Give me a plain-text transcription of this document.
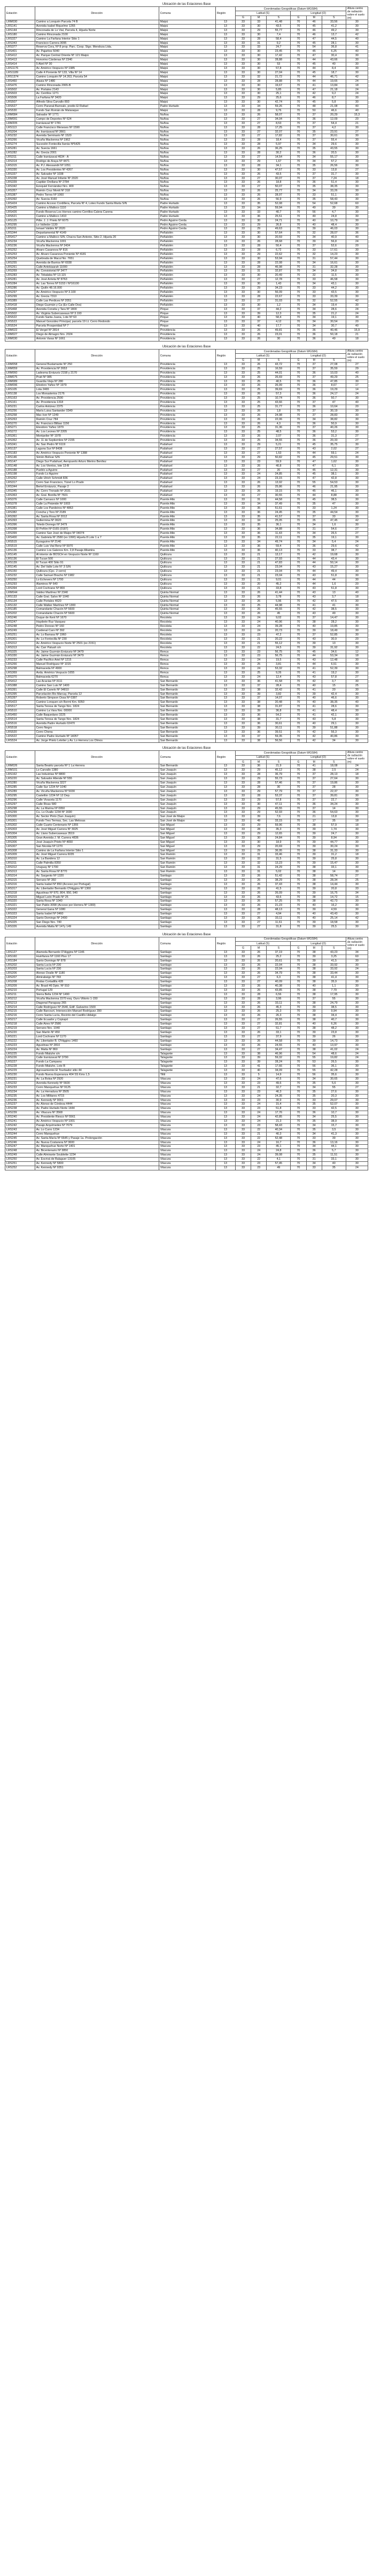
Ubicación de las Estaciones Base
Estación	Dirección	Comuna	Región	Coordenadas Geográficas (Datum WGS84)						Altura centro de radiación sobre el suelo (m)
				Latitud (S)			Longitud (O)			
				G	M	S	G	M	S	
LRM030	Camino a Lonquén Parcela 74 B	Maipú	13	33	33	41,48	70	46	33,56	30
LRS141	Avenida Isabel Riquelme 1265	Maipú	13	33	30	43,5	70	45	41,2	30
LRS144	Rinconada de Lo Vial, Parcela 4, Hijuela Norte	Maipú	13	33	29	55,77	70	46	49,2	30
LRS180	Camino Rinconada 2100	Maipú	13	33	30	7,4	70	46	13,7	42
LRS327	Camino La Farfana Interior Sitio 1	Maipú	13	33	28	58,4	70	47	44,5	40
LRS343	Francisco Carrera 3095	Maipú	13	33	31	9,2	70	45	28,1	30
LRS377	Reserva Cora, Nº 8 prop. Parc. Coop. Stgo. Mendoza Ltda.	Maipú	13	33	33	24,7	70	54	36,8	41
LRS401	Av. Pajaritos 5040	Maipú	13	33	30	23,45	70	45	6,25	40
LRS412	Av. Parque Central Oriente Nº 121 Maipú	Maipú	13	33	30	17,42	70	47	30,4	30
LRS413	Honorino Cárdenas Nº 2340	Maipú	13	33	30	28,88	70	44	43,66	30
LRS414	5 Abril Nº 30	Maipú	13	33	30	53	70	45	40	30
LRS1176	Av. Américo Vespucio Nº 1985	Maipú	13	33	30	57,8	70	44	8,4	30
LRS1189	Calle 4 Poniente Nº 133, Villa Nº 14	Maipú	13	33	30	27,04	70	45	18,7	30
LRS1374	Camino Lonquén Nº 14.263, Parcela 54	Maipú	13	33	32	21,72	70	44	46,71	42
LRS460	Alasia Nº 1480	Maipú	13	33	28	28,88	70	44	19,65	24
LRS476	Camino Rinconada 2065-B	Maipú	13	33	30	19,67	70	41	13,84	18
LRS502	Av. Portales 2143	Maipú	13	33	30	5,85	70	47	21,18	24
LRS503	Av. Cerrillos 1271	Maipú	13	33	30	25,1	70	42	9,2	24
LRS506	La Farfana Nº 3420	Maipú	13	33	29	25,6	70	46	8,7	30
LRS507	Alfredo Silva Carvallo 893	Maipú	13	33	30	42,74	70	45	5,8	30
LRS527	Cerro Paranal-Barrealo, predio El Rafael	Padre Hurtado	13	33	34	59,26	70	48	21,08	40
LRS530	Fundo San Román de Malaraque	Maipú	13	33	28	9,76	70	50	46,6	40
LRM084	Salvador Nº 1771	Ñuñoa	13	33	26	58,07	70	37	20,29	15,3
LRM091	Campo de Deportes Nº 624	Ñuñoa	13	33	27	34,04	70	36	12,09	20
LRM205	Irarrázaval Nº 1781	Ñuñoa	13	33	27	8,53	70	37	54,4	21
LRS113	Calle Francisco Meneses Nº 1590	Ñuñoa	13	33	28	17,25	70	37	4,2	30
LRS204	Av. Irarrázaval Nº 3661	Ñuñoa	13	33	27	32,07	70	35	23,91	27
LRS232	Avenida Seminario Nº 1520	Ñuñoa	13	33	27	17,82	70	37	30,61	30
LRS266	Vicuña Mackenna Nº 1962	Ñuñoa	13	33	28	18,4	70	37	55,4	30
LRS274	Sucesión Fontecilla Ilarrás Nº5425	Ñuñoa	13	33	28	5,97	70	34	29,6	30
LRS281	Av. Suecia 1661	Ñuñoa	13	33	26	36,25	70	35	43,55	30
LRS282	Av. Grecia 2001	Ñuñoa	13	33	28	30,2	70	36	20,5	30
LRS311	Calle Irarrázaval 4634 - A	Ñuñoa	13	33	27	14,54	70	34	55,17	30
LRS314	Rodrigo de Araya Nº 4471	Ñuñoa	13	33	29	1,67	70	34	57,2	30
LRS315	Av. P.J. Alessandri Nº 1051	Ñuñoa	13	33	28	34,1	70	35	26,56	30
LRS330	Av. Los Presidentes Nº 4267	Ñuñoa	13	33	30	47,57	70	33	13,8	27
LRS337	Av. Salvador Nº 1038	Ñuñoa	13	33	26	43,5	70	37	31,7	30
LRS338	Av. José Manuel Infante Nº 2020	Ñuñoa	13	33	27	30,07	70	37	7,24	18
LRS339	Capitán Orellana Nº 2784	Ñuñoa	13	33	26	18,8	70	36	51,4	30
LRS342	Ezequiel Fernández Nro. 400	Ñuñoa	13	33	27	50,07	70	35	38,35	30
LRS357	Ramón Cruz Montt Nº 318	Ñuñoa	13	33	26	25,77	70	34	33,26	30
LRS387	Pedro Torres Nº 1060	Ñuñoa	13	33	26	28,97	70	33	51,1	30
LRS392	Av. Suecia 3160	Ñuñoa	13	33	26	56,9	70	35	58,43	30
LRS424	Camino Acceso Cordillera, Parcela Nº 4, Loteo Fundo Santa Marta S/N	Padre Hurtado	13	33	35	52,08	70	54	52,68	60
LRS425	Camino a Malloco 1110	Padre Hurtado	13	33	34	59,94	70	49	39	30
LRS426	Fundo Reserva Los Hornos camino Cerrillos-Calera Carena	Padre Hurtado	13	33	33	40,7	70	56	4,7	30
LRS521	Camino a Malloco 1410	Padre Hurtado	13	33	36	25,51	70	49	24,8	30
LRS125	Pdte. J. J. Prieto Nº 6075	Pedro Aguirre Cerda	13	33	30	24,71	70	40	10,79	30
LRS295	Lo Valledor 1130	Pedro Aguirre Cerda	13	33	29	26,8	70	40	48,4	30
LRS311	Ismael Valdés Nº 2020	Pedro Aguirre Cerda	13	33	29	49,63	70	39	46,03	30
LRS344	Departamental Nº 4149	Peñalolén	13	33	30	57,64	70	32	28,07	36
LRS417	Camino a Malloco S/N, Chacra San Antonio, Sitio 2, Hijuela 20	Peñalolén	13	33	30	20,59	70	34	40,9	40
LRS234	Vicuña Mackenna 1001	Peñalolén	13	33	26	28,68	70	39	56,8	24
LRS236	Vicuña Mackenna Nº 3434	Peñalolén	13	33	28	50,4	70	37	52,6	20
LRS252	Álvaro Casanova Nº 816	Peñalolén	13	33	28	6,72	70	33	17,61	30
LRS253	Av. Álvaro Casanova Poniente Nº 4181	Peñalolén	13	33	29	22,62	70	32	14,23	30
LRS254	Quebrada de Macul No. 7651	Peñalolén	13	33	30	53,94	70	31	57,44	30
LRS255	Avenida de Barrios Nº 6938	Peñalolén	13	33	28	22,08	70	34	16,61	30
LRS261	Calle Antokiaarah 11000	Peñalolén	13	33	28	46,98	70	31	32,28	30
LRS269	Av. Consistorial Nº 3477	Peñalolén	13	33	31	32,87	70	34	34,8	30
LRS283	Av. Tobalaba Nº 13.115	Peñalolén	13	33	30	20,49	70	32	11,5	30
LRS281	Av. José Arrieta Nº 8763	Peñalolén	13	33	27	12,78	70	33	46,58	30
LRS284	Av. Las Torres Nº 5153 / Nº16100	Peñalolén	13	33	30	1,43	70	34	43,1	30
LRS286	Av. Quilín 48.16.000	Peñalolén	13	33	29	34,23	70	33	44,2	30
LRS297	Av. Américo Vespucio Nº 3.100	Peñalolén	13	33	30	56,09	70	33	43,5	30
LRS299	Av. Grecia 7310	Peñalolén	13	33	28	22,67	70	33	33,39	30
LRS389	Calle Las Perdices Nº 2051	Peñalolén	13	33	27	31,03	70	32	52,55	42
LRS418	Diego Guzmán y Ca (Ex Calle Dos)	Peñalolén	13	33	30	1,2	70	34	19,4	30
LRS468	Avenida Consita y Tara Nº 1800	Pirque	13	33	37	44,2	70	34	28,6	24
LRS502	Av. Virginia Subercaseaux Nº 3.193	Pirque	13	33	39	12,3	70	35	21,2	24
LRS522	Fundo Santa Juana, Lote Nº 63	Pirque	13	33	40	58,4	70	34	19,1	30
LRS523	Manuel González Principal, parcela 19 Lt. Cerro Redondo	Pirque	13	33	37	4,12	70	34	30,54	20
LRS524	Parcela Prosperidad Nº 7	Pirque	13	33	40	17,7	70	34	30,7	40
LRM022	El Vergel Nº 2814	Providencia	13	33	26	49,81	70	36	40,46	15,9
LRM027	Diego de Almagro Nro. 2024	Providencia	13	33	26	23,01	70	36	50,18	21
LRM030	Antonio Varas Nº 1661	Providencia	13	33	26	30	70	36	49	18
Ubicación de las Estaciones Base
Estación	Dirección	Comuna	Región	Coordenadas Geográficas (Datum WGS84)						Altura centro de radiación sobre el suelo (m)
				Latitud (S)			Longitud (O)			
				G	M	S	G	M	S	
LRM058	General Bustamante Nº 250	Providencia	13	33	26	43,72	70	37	27,08	27
LRM059	Av. Providencia Nº 2653	Providencia	13	33	25	16,59	70	37	35,59	29
LRM060	Ladesma Errázuriz 2158 y 2170	Providencia	13	33	25	44,01	70	36	10,03	40
LRM075	Pratt Nº 985	Providencia	13	33	26	26,69	70	37	49,29	25
LRM089	Guardia Vieja Nº 280	Providencia	13	33	25	40,5	70	36	47,85	30
LRM096	Eliodoro Yañez Nº 1979	Providencia	13	33	26	26,99	70	36	8,67	17
LRS105	Lota 2465	Providencia	13	33	25	39,69	70	36	19,29	14
LRS138	Los Monasterios 2176	Providencia	13	33	26	57,3	70	36	24,17	24
LRS163	Av. Providencia 2590	Providencia	13	33	25	10,74	70	36	50,7	30
LRS161	Av. Providencia 1318	Providencia	13	33	25	43,66	70	37	47	40
LRS231	Carlos Antúnez 2375	Providencia	13	33	25	31,77	70	36	10,64	20
LRS256	María Luisa Santander 0349	Providencia	13	33	26	1,8	70	37	30,19	30
LRS258	Mac-Iver Nº 1249	Providencia	13	33	26	24,98	70	37	28,83	30
LRS263	Ramón Cruz 784	Providencia	13	33	26	22,06	70	34	38,82	30
LRS270	Av. Francisco Bilbao 1156	Providencia	13	33	26	4,3	70	36	50,9	30
LRS271	Eleodoro Yañez 1879	Providencia	13	33	25	31,36	70	37	40,26	30
LRS272	Av. Los Leones Nº 2205	Providencia	13	33	25	48,5	70	36	53,2	30
LRS361	Montpelier Nº 1978	Providencia	13	33	26	2,07	70	36	31,3	27
LRS362	Av. 11 de Septiembre Nº 2155	Providencia	13	33	25	34,55	70	36	20,33	27
LRS341	Av. San Pedro Nº 6119	Pudahuel	13	33	29	5,21	70	45	35,75	30
LRS137	Laguna Sur Nº 8438	Pudahuel	13	33	27	27,57	70	43	2,02	27
LRS183	Av. Américo Vespucio Poniente Nº 1388	Pudahuel	13	33	27	1,53	70	44	59,1	24
LRS146	Simón Bolívar S/N	Pudahuel	13	33	29	50,82	70	45	29,51	30
LRS147	Diego Sur Pudahuel, Aeropuerto Arturo Merino Benítez	Pudahuel	13	33	23	59,9	70	47	1,62	30
LRS148	Av. Los Vientos, lote 13-B	Pudahuel	13	33	26	40,8	70	47	6,1	30
LRS188	Pueblo a Aguirre	Pudahuel	13	33	27	20	70	45	12,31	30
LRS198	Fundo Lo Aguirre	Pudahuel	13	33	24	24,85	70	45	38,1	30
LRS262	Calle Ulrich Schmidt 836	Pudahuel	13	33	24	23,15	70	47	42,8	30
LRS317	Cerro San Francisco, Túnel Lo Prado	Pudahuel	13	33	26	13,92	70	55	54,53	30
LRS344	Bertel Errázuriz, Pasaje 2	Pudahuel	13	33	26	25,86	70	46	21,95	30
LRS345	Av. Cerro Tronado Nº 2031	Pudahuel	13	33	26	19,15	70	45	46,1	30
LRS363	Av. Gral. Bonilla Nº 7601	Pudahuel	13	33	27	30,55	70	44	8,88	30
LRS376	Calle Carrasco Nº 1000	Puente Alto	13	33	31	44,58	70	45	38,5	30
LRS378	Calle La Pirámide Nº 1003	Puente Alto	13	33	34	37,49	70	35	47	30
LRS381	Calle Los Pandeiros Nº 4863	Puente Alto	13	33	35	51,61	70	33	1,24	30
LRS382	Concha y Toro Nº 2189	Puente Alto	13	33	36	24,45	70	35	44,54	30
LRS392	Av. Santa Rosa Nº 2012	Puente Alto	13	33	35	41,57	70	37	33	30
LRS393	Gullermina Nº 0620	Puente Alto	13	33	34	25,05	70	35	47,45	42
LRS396	Toledo Dorrego Nº 3479	Puente Alto	13	33	35	36,1	70	34	1,6	30
LRS398	El Peñón Nº 0165 (0187)	Puente Alto	13	33	36	34,88	70	31	54,6	27
LRS399	Camino San José de Maipo Nº 04074	Puente Alto	13	33	36	11,43	70	34	26,5	27
LRS400	Av. Gabriela Nº 2580 (ex 1990) Hijuela 8 Lote 1 a 7	Puente Alto	13	33	35	22,11	70	35	19,1	30
LRS515	Eyzaguirre Nº 2140	Puente Alto	13	33	34	49,74	70	34	5,4	24
LRS519	Calle Luis Vial Benz Nº 5970	Puente Alto	13	33	36	59,4	70	36	29,6	42
LRS136	Camino Los Galenos Km. 2,8 Pasaje Altamira	Puente Alto	13	33	36	40,13	70	33	38,7	30
LRS145	Al interior de BOSCH en Vespucio Norte Nº 1160	Quilicura	13	33	21	13,17	70	42	19,68	30
LRS136	El Tucan 500	Quilicura	13	33	21	27,93	70	44	43,4	30
LRS139	El Tucan 400 Sitio 91	Quilicura	13	33	21	47,83	70	44	50,14	30
LRS145	Av. Del Valle Lote N° 3 S/N	Quilicura	13	33	21	23,04	70	43	15,27	30
LRS150	Quilicura (Cpc. 2 cerro)	Quilicura	13	33	21	23,04	70	44	49,4	30
LRS232	Calle Samuel Bracho Nº 1982	Quilicura	13	33	21	23,04	70	43	51,8	30
LRS250	Lo Echevers Nº 1700	Quilicura	13	33	21	9,01	70	44	44	30
LRS293	Alaminos Nº 640	Quilicura	13	33	20	45,2	70	44	1,6	20
LRS394	Lord Cochrane Nº 800	Quilicura	13	33	21	33,8	70	43	51,8	30
LRM044	Valdez Martínez Nº 2340	Quinta Normal	13	33	26	41,44	70	43	13	40
LRS133	Calle Gral. Salvo Nº 1040	Quinta Normal	13	33	26	3,78	70	43	3,7	18
LRS134	Calle Portales 4620	Quinta Normal	13	33	26	5,96	70	42	47,5	30
LRS132	Calle Walker Martínez Nº 1300	Quinta Normal	13	33	25	44,98	70	41	41	30
LRS185	Comandante Chacón Nº 5600	Quinta Normal	13	33	26	45,55	70	42	38,5	30
LRS202	Comandante Chacón Nº 5600	Quinta Normal	13	33	26	45	70	43	49	30
LRS246	Duque de Kent Nº 1670	Recoleta	13	33	24	9,02	70	37	14,47	30
LRS247	Haydeée Ruz Vasquez	Recoleta	13	33	24	40,96	70	38	28,2	30
LRS248	Pedro Donoso Nº 160	Recoleta	13	33	24	39,28	70	40	19,85	30
LRS249	Cardenal Caro Nº 392	Recoleta	13	33	24	20,73	70	39	18,49	30
LRS251	Av. Lo Barrasa Nº 1960	Recoleta	13	33	23	47,2	70	37	52,85	30
LRS301	Av. Lo Fontecilla Nº 230	Recoleta	13	33	21	20,22	70	43	30,9	20
LRS312	Av. Américo Vespucio Norte Nº 2501 (ex 2151)	Recoleta	13	33	21	55,12	70	39	13	30
LRS313	Av. Carr Patuah s/n	Recoleta	13	33	22	24,5	70	39	31,92	30
LRS325	Av. Jaime Guzmán Errázuriz Nº 3479	Renca	13	33	23	56,75	70	45	34,6	12
LRS330	Av. Jaime Guzmán Errázuriz Nº 3479	Renca	13	33	23	56,75	70	44	53,34	18
LRS233	Calle Pacífico Ariel Nº 1215	Renca	13	33	24	19,5	70	43	12,48	30
LRS266	Manuel Rodríguez Nº 1015	Renca	13	33	25	3,81	70	44	6,51	30
LRS298	Balmaceda Nº 4900	Renca	13	33	24	53,32	70	41	52,39	30
LRS369	Avda. Américo Vespucio 1655	Renca	13	33	25	9,26	70	41	19,2	30
LRS370	Balmaceda 6270	Renca	13	33	24	12,4	70	43	57,8	27
LRS412	Las Acacias Nº 3111	San Bernardo	13	33	36	41,58	70	42	3,7	30
LRS388	Camino San Luis Nº 1400	San Bernardo	13	33	37	28,4	70	40	15	25
LRS391	Calle El Canelo Nº 04810	San Bernardo	13	33	38	32,42	70	41	20	30
LRS395	Parcelación Rio Marcay, Parcela 12	San Bernardo	13	33	39	3,82	70	39	42,4	30
LRS397	Roberto Simpson Ossa Nº 0387	San Bernardo	13	33	37	14,07	70	40	46,6	30
LRS423	Camino Lonquen s/n Bermí Km. 6050	San Bernardo	13	33	38	20,48	70	40	38,35	40
LRS517	Santa Teresa de Tango Nro. 1824	San Bernardo	13	33	38	31,87	70	41	28,6	30
LRS510	Camino La Vara Nro. 00000	San Bernardo	13	33	39	36,8	70	41	48,4	30
LRS450	Calle Baquedano 3225	San Bernardo	13	33	36	54,2	70	41	42,1	30
LRS514	Santa Teresa de Tango Nro. 1824	San Bernardo	13	33	38	31,7	70	43	5,8	30
LRS516	Avenida Padre Hurtado 02470	San Bernardo	13	33	36	30,61	70	40	29,1	30
LRS518	Cerro Negro	San Bernardo	13	33	39	30,11	70	39	51,88	30
LRS520	Cerro Chena	San Bernardo	13	33	36	39,51	70	42	56,3	30
LRS522	Camino Padre Hurtado Nº 14057	San Bernardo	13	33	37	59,35	70	42	40,86	30
LRS524	Av. Jorge Prieto Letelier y Av. Lo Herrera Los Olmos	San Bernardo	13	33	38	56,56	70	42	34	30
Ubicación de las Estaciones Base
Estación	Dirección	Comuna	Región	Coordenadas Geográficas (Datum WGS84)						Altura centro de radiación sobre el suelo (m)
				Latitud (S)			Longitud (O)			
				G	M	S	G	M	S	
LRM026	Santa Beatriz parcela Nº 1 La Herrera	San Bernardo	13	33	36	21,9	70	41	18,08	24
LRM101	Lo Carvallo 1380	San Joaquín	13	33	29	45,12	70	38	2,5	24
LRS162	Las Industrias Nº 8800	San Joaquín	13	33	28	36,79	70	37	28,13	18
LRS220	Av. Salvador Allende Nº 555	San Joaquín	13	33	29	55,73	70	37	27,64	30
LRS280	Vicuña Mackenna 3227	San Joaquín	13	33	28	57,46	70	37	19,86	30
LRS285	Calle Sur 1234 Nº 1040	San Joaquín	13	33	28	30	70	37	28	30
LRS289	Av. Vicuña Mackenna Nº 5030	San Joaquín	13	33	29	57,79	70	37	22,37	30
LRS295	Castellón 1234 Nº 12 Dep.	San Joaquín	13	33	28	53,37	70	37	39,81	30
LRS296	Calle Vivaceta 1170	San Joaquín	13	33	29	57,8	70	37	22,7	30
LRS297	Calle Rivas 580	San Joaquín	13	33	30	47,11	70	36	34,24	30
LRS298	Av. La Marina Nº 0950	San Joaquín	13	33	29	45,55	70	37	14	30
LRS299	Cu. Lo Ovalle 1234 Nº 1690	San Joaquín	13	33	29	52,93	70	36	54,63	30
LRS300	Av. Sector Pinto (San Joaquín)	San José de Maipo	13	33	39	7,6	70	21	13,8	30
LRS301	Fundo Tres Termas, Sec. Las Melosas	San José de Maipo	13	33	49	33,15	70	17	35	18
LRS302	Calle Cuarto Centenario Nº 1355	San Miguel	13	33	29	59,96	70	38	57,9	18
LRS303	Av. José Miguel Carrera Nº 3025	San Miguel	13	33	28	35,3	70	39	1,74	30
LRS304	Av. Llano Subercaseaux 3519	San Miguel	13	33	29	12,65	70	39	24,7	30
LRS305	Gran Avenida J. M. Carrera 4836	San Miguel	13	33	30	24,84	70	39	8,94	30
LRS306	José Joaquín Prieto Nº 4650	San Miguel	13	33	30	18,9	70	39	44,77	30
LRS307	San Nicolás Nº 1270	San Miguel	13	33	29	20,69	70	39	30,24	30
LRS308	Camino de La Farfana Interior Sitio 1	San Miguel	13	33	29	36,95	70	38	31,33	30
LRS309	Av. José Miguel Carrera 6035	San Ramón	13	33	31	33,46	70	39	31,2	18
LRS310	Av. La Bandera 12	San Ramón	13	33	32	31,5	70	39	25,8	30
LRS311	Calle Palmilla 8350	San Ramón	13	33	32	13,23	70	39	15,47	30
LRS312	Uruguay Nº 1700	San Ramón	13	33	31	24,29	70	38	33,1	30
LRS313	Av. Santa Rosa Nº 8770	San Ramón	13	33	31	5,02	70	38	14	30
LRS314	Av. Sargento Nº 1320	Santiago	13	33	26	51,42	70	38	58,74	27
LRS315	Serrano Nº 360	Santiago	13	33	26	38,29	70	38	28,34	25
LRS316	Santa Isabel Nº 850 (Acceso por Portugal)	Santiago	13	33	26	37,43	70	38	14,44	30
LRS317	Av. Libertador Bernardo O'Higgins Nº 1360	Santiago	13	33	26	41,5	70	39	20,8	33
LRS318	Agustinas Nº 970, 804, 950, 940	Santiago	13	33	26	26,09	70	39	16,75	34
LRS319	Miguel León Prado Nº 25	Santiago	13	33	26	43,6	70	38	14,72	15
LRS320	Santa Rosa Nº 1040	Santiago	13	33	26	57,25	70	38	42,73	30
LRS321	San Pablo 3098 (Acceso por Herrera Nº 1300)	Santiago	13	33	26	21,23	70	40	16,2	30
LRS322	General Gana Nº 1080	Santiago	13	33	28	48,13	70	39	4,59	30
LRS323	Santa Isabel Nº 0460	Santiago	13	33	27	4,94	70	40	43,43	30
LRS324	Santo Domingo Nº 2490	Santiago	13	33	26	33,11	70	40	25,14	42
LRS325	San Diego Nro. 740	Santiago	13	33	27	11,61	70	39	18,58	30
LRS326	Avenida Matta Nº 147y 149	Santiago	13	33	27	31,8	70	39	25,5	30
Ubicación de las Estaciones Base
Estación	Dirección	Comuna	Región	Coordenadas Geográficas (Datum WGS84)						Altura centro de radiación sobre el suelo (m)
				Latitud (S)			Longitud (O)			
				G	M	S	G	M	S	
LRS127	Alameda Bernardo O'Higgins Nº 1146	Santiago	13	33	26	37,19	70	38	43,23	34
LRS160	Huérfanos Nº 1160 Piso 17	Santiago	13	33	26	25,2	70	39	3,25	60
LRS184	Santo Domingo Nº 878	Santiago	13	33	26	20,61	70	39	41,5	30
LRS202	Santa Lucía Nº 230	Santiago	13	33	26	22,04	70	38	33,92	30
LRS203	Santa Lucía Nº 230	Santiago	13	33	26	22,04	70	38	33,92	24
LRS206	Alonso Ovalle Nº 1180	Santiago	13	33	26	34,79	70	38	33,44	30
LRS207	Almirabeigo Nº 783	Santiago	13	33	27	6,3	70	38	41,4	30
LRS208	Rodas Cortadilla 428	Santiago	13	33	27	40,09	70	38	35,9	30
LRS209	Av. Brasil 46 Dpto. Nº 910	Santiago	13	33	26	40,38	70	40	1,1	30
LRS210	Portugal 129	Santiago	13	33	26	43,85	70	38	7,79	30
LRS211	Sierra Bella 1234 Nº 1490	Santiago	13	33	28	6,56	70	38	17,95	30
LRS212	Vicuña Mackenna 1570 esq. Ouro Vittorio 1-150	Santiago	13	33	28	3,96	70	37	55	30
LRS213	Diagonal Paraguay 265	Santiago	13	33	26	33,11	70	38	24,79	30
LRS214	Calle Rodríguez Nº 2640, Edif. Galvarino 1500	Santiago	13	33	26	45,3	70	39	38,5	30
LRS215	Calle Barcourt, Intersección Manuel Rodríguez 390	Santiago	13	33	26	25,3	70	39	9,94	30
LRS216	Cerro Santa Lucía, Recinto del Castillo Hidalgo	Santiago	13	33	26	26,3	70	38	34,4	30
LRS217	Calle Ecuador y Copiapó	Santiago	13	33	27	26,55	70	38	40,7	30
LRS218	Calle Aires Nº 2580	Santiago	13	33	27	32,81	70	40	6,26	30
LRS219	Serrano Nro. 1040	Santiago	13	33	27	51,7	70	38	48,2	30
LRS220	San Martín Nº 450	Santiago	13	33	26	33,1	70	39	23,8	30
LRS221	Lord Cochrane Nº 1170	Santiago	13	33	27	37,9	70	39	26	30
LRS222	Av. Libertador B. O'Higgins 1460	Santiago	13	33	26	44,58	70	39	14,73	30
LRS223	Agustinas Nº 2810	Santiago	13	33	26	24,55	70	40	13,97	30
LRS224	Av. Matta Nº 860	Santiago	13	33	27	34,47	70	38	41,02	24
LRS225	Fundo Mialuhe s/n	Talagante	13	33	38	46,96	70	54	48,6	24
LRS226	Calle Irarrázaval Nº 3790	Talagante	13	33	39	59,32	70	55	19,82	24
LRS227	Fundo La Campana	Talagante	13	33	39	28,24	70	53	26,5	30
LRS228	Fundo Mialuhe, Lote B	Talagante	13	33	41	17,66	70	56	36,1	30
LRS229	Agrosamientoi El Tourbador sitio 44	Talagante	13	33	40	34,09	70	55	42,28	30
LRS230	Fundo Nueva Esperanza 404 SS Kms 1,5	Tiltil	13	33	5	14,9	70	56	35,6	30
LRS231	Av. La Bolsa Nº 2920	Vitacura	13	33	24	47,6	70	34	30,65	30
LRS232	Avenida Kennedy Nº 5600	Vitacura	13	33	23	49,6	70	35	5,6	30
LRS233	Cerro Manquehue Nº 9125	Vitacura	13	33	21	32,7	70	34	55	27
LRS234	Av. La Herradura Nº 3505	Vitacura	13	33	23	46,3	70	35	27,6	30
LRS235	Av. Los Militares 4715	Vitacura	13	33	24	24,35	70	35	20,3	30
LRS236	Av. Kennedy Nº 9001	Vitacura	13	33	23	30,9	70	33	29,07	30
LRS237	Av. Alonso de Córdova 4444	Vitacura	13	33	24	15,4	70	35	52,07	30
LRS238	Av. Padre Hurtado Norte 1444	Vitacura	13	33	23	51,8	70	33	42,5	30
LRS239	Av. Vitacura Nº 3568	Vitacura	13	33	24	17,76	70	36	10,7	30
LRS240	Av. Presidente Riesco Nº 5561	Vitacura	13	33	24	42,85	70	34	25,5	30
LRS241	Av. Américo Vespucio Nº 1001	Vitacura	13	33	24	21,3	70	35	38,9	30
LRS242	Pasaje Arquímedes Nº 7079	Vitacura	13	33	23	58,43	70	34	15,7	30
LRS243	Av. Lo Curro 1234	Vitacura	13	33	22	40,34	70	35	3,5	30
LRS244	Cerro Manquehue	Vitacura	13	33	21	40,3	70	34	41,3	30
LRS245	Av. Santa María Nº 6645 y Pasaje 1a. Prolongación	Vitacura	13	33	22	52,48	70	33	39	30
LRS246	Av. Nueva Costanera Nº 3600	Vitacura	13	33	24	16,7	70	36	13,16	30
LRS247	Av. Manquehue Norte Nº 1401	Vitacura	13	33	23	45,1	70	34	44,1	30
LRS248	Av. Bicentenario Nº 3850	Vitacura	13	33	24	24,8	70	36	5,7	30
LRS249	Calle Almirante Soublette 1234	Vitacura	13	33	24	39,08	70	35	11,51	30
LRS250	Av. Escrivá de Balaguer 13105	Vitacura	13	33	22	4,1	70	31	33,1	30
LRS251	Av. Kennedy Nº 5800	Vitacura	13	33	23	57,45	70	34	40	30
LRS252	Av. Kennedy Nº 9351	Vitacura	13	33	23	49	70	33	35	24
